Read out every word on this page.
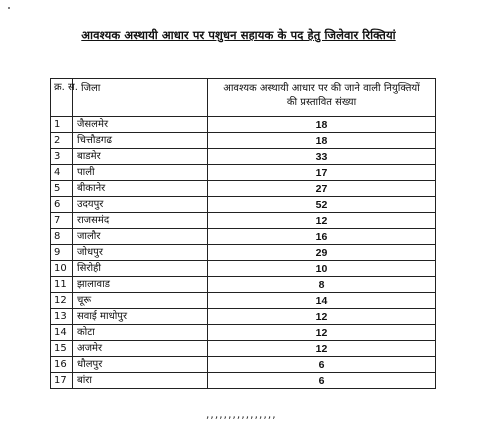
आवश्यक अस्थायी आधार पर पशुधन सहायक के पद हेतु जिलेवार रिक्तियां
क्र. स.	जिला	आवश्यक अस्थायी आधार पर की जाने वाली नियुक्तियों की प्रस्तावित संख्या
1	जैसलमेर	18
2	चित्तौडगढ	18
3	बाडमेर	33
4	पाली	17
5	बीकानेर	27
6	उदयपुर	52
7	राजसमंद	12
8	जालौर	16
9	जोधपुर	29
10	सिरोही	10
11	झालावाड	8
12	चूरू	14
13	सवाई माधोपुर	12
14	कोटा	12
15	अजमेर	12
16	धौलपुर	6
17	बांरा	6
,,,,,,,,,,,,,,,,
